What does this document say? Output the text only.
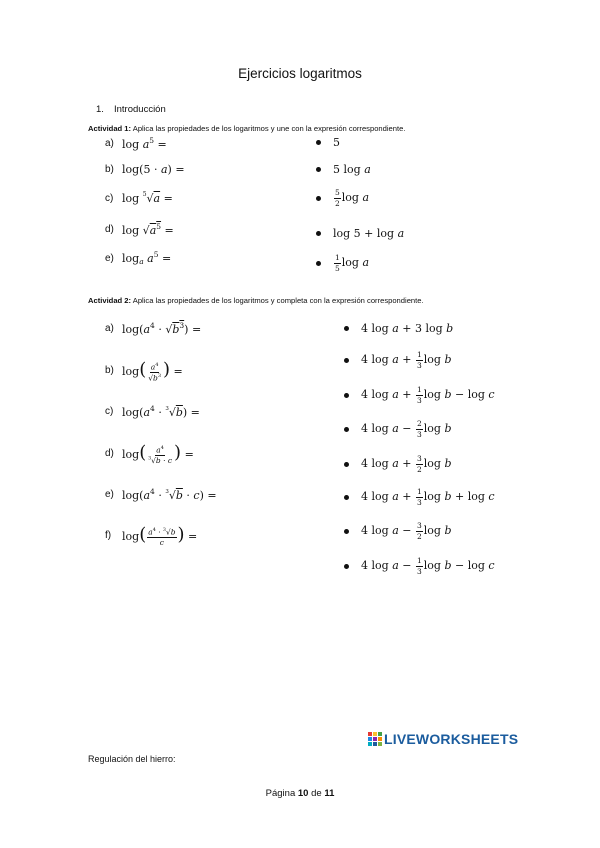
Ejercicios logaritmos
1. Introducción
Actividad 1: Aplica las propiedades de los logaritmos y une con la expresión correspondiente.
a) $\log a^5$ =
b) log(5 · a) =
c) log $^5$√a =
d) $\log √a^5$ =
e) $\log_a a^5$ =
5
5 log a
$\frac{5}{2}$ log a
log 5 + log a
$\frac{1}{5}$ log a
Actividad 2: Aplica las propiedades de los logaritmos y completa con la expresión correspondiente.
a) $\log(a^4 \cdot √b^3)$ =
b) $\log( \frac{a^4}{√b^3}$ ) =
c) $\log(a^4 \cdot ^3√b)$ =
d) $\log( \frac{a^4}{^3√b \cdot c}$ ) =
e) $\log(a^4 \cdot ^3√b \cdot c)$ =
f) $\log( \frac{a^4 \cdot ^3√b}{c}$ ) =
4 log a + 3 log b
4 $\log a + \frac{1}{3}$ log b
4 $\log a + \frac{1}{3}$ log b − log c
4 $\log a - \frac{2}{3}$ log b
4 $\log a + \frac{3}{2}$ log b
4 $\log a + \frac{1}{3}$ log b + log c
4 $\log a - \frac{3}{2}$ log b
4 $\log a - \frac{1}{3}$ log b − log c
LIVEWORKSHEETS
Regulación del hierro:
Página 10 de 11
